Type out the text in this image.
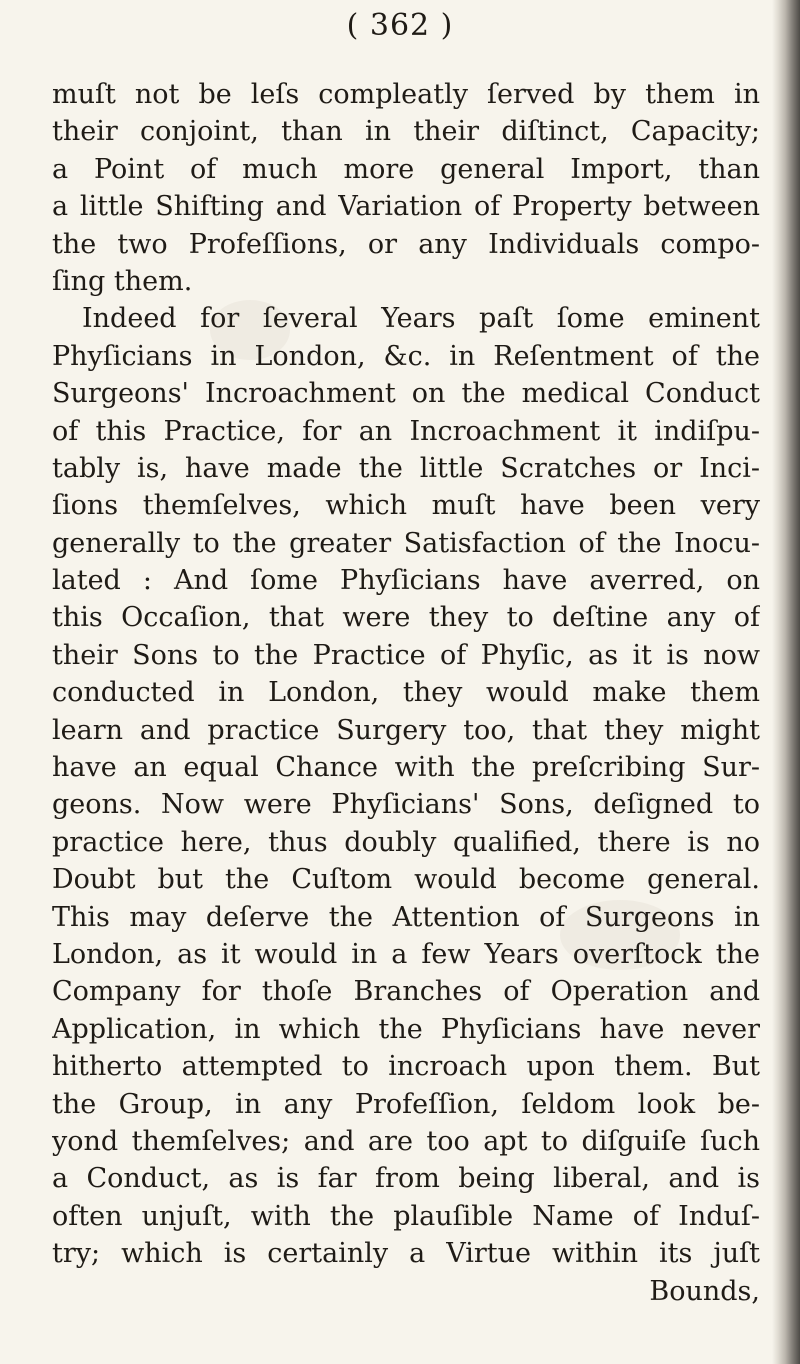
( 362 )
muſt not be leſs compleatly ſerved by them in
their conjoint, than in their diſtinct, Capacity;
a Point of much more general Import, than
a little Shifting and Variation of Property between
the two Profeſſions, or any Individuals compo-
ſing them.
Indeed for ſeveral Years paſt ſome eminent
Phyſicians in London, &c. in Reſentment of the
Surgeons' Incroachment on the medical Conduct
of this Practice, for an Incroachment it indiſpu-
tably is, have made the little Scratches or Inci-
ſions themſelves, which muſt have been very
generally to the greater Satisfaction of the Inocu-
lated : And ſome Phyſicians have averred, on
this Occaſion, that were they to deſtine any of
their Sons to the Practice of Phyſic, as it is now
conducted in London, they would make them
learn and practice Surgery too, that they might
have an equal Chance with the preſcribing Sur-
geons. Now were Phyſicians' Sons, deſigned to
practice here, thus doubly qualified, there is no
Doubt but the Cuſtom would become general.
This may deſerve the Attention of Surgeons in
London, as it would in a few Years overſtock the
Company for thoſe Branches of Operation and
Application, in which the Phyſicians have never
hitherto attempted to incroach upon them. But
the Group, in any Profeſſion, ſeldom look be-
yond themſelves; and are too apt to diſguiſe ſuch
a Conduct, as is far from being liberal, and is
often unjuſt, with the plauſible Name of Induſ-
try; which is certainly a Virtue within its juſt
Bounds,
